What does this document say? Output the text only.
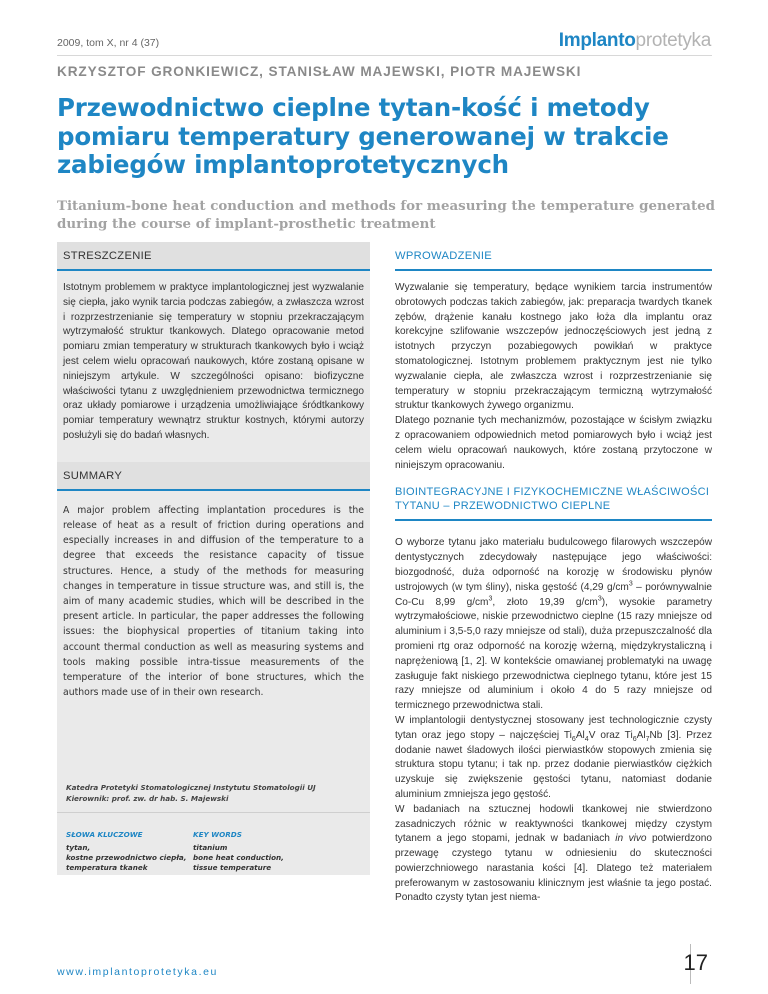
2009, tom X, nr 4 (37)	Implantoprotetyka
KRZYSZTOF GRONKIEWICZ, STANISŁAW MAJEWSKI, PIOTR MAJEWSKI
Przewodnictwo cieplne tytan-kość i metody pomiaru temperatury generowanej w trakcie zabiegów implantoprotetycznych

Titanium-bone heat conduction and methods for measuring the temperature generated during the course of implant-prosthetic treatment

STRESZCZENIE

Istotnym problemem w praktyce implantologicznej jest wyzwalanie się ciepła, jako wynik tarcia podczas zabiegów, a zwłaszcza wzrost i rozprzestrzenianie się temperatury w stopniu przekraczającym wytrzymałość struktur tkankowych. Dlatego opracowanie metod pomiaru zmian temperatury w strukturach tkankowych było i wciąż jest celem wielu opracowań naukowych, które zostaną opisane w niniejszym artykule. W szczególności opisano: biofizyczne właściwości tytanu z uwzględnieniem przewodnictwa termicznego oraz układy pomiarowe i urządzenia umożliwiające śródtkankowy pomiar temperatury wewnątrz struktur kostnych, którymi autorzy posłużyli się do badań własnych.

SUMMARY

A major problem affecting implantation procedures is the release of heat as a result of friction during operations and especially increases in and diffusion of the temperature to a degree that exceeds the resistance capacity of tissue structures. Hence, a study of the methods for measuring changes in temperature in tissue structure was, and still is, the aim of many academic studies, which will be described in the present article. In particular, the paper addresses the following issues: the biophysical properties of titanium taking into account thermal conduction as well as measuring systems and tools making possible intra-tissue measurements of the temperature of the interior of bone structures, which the authors made use of in their own research.

Katedra Protetyki Stomatologicznej Instytutu Stomatologii UJ
Kierownik: prof. zw. dr hab. S. Majewski
SŁOWA KLUCZOWE
tytan,
kostne przewodnictwo ciepła,
temperatura tkanek
KEY WORDS
titanium
bone heat conduction,
tissue temperature
WPROWADZENIE

Wyzwalanie się temperatury, będące wynikiem tarcia instrumentów obrotowych podczas takich zabiegów, jak: preparacja twardych tkanek zębów, drążenie kanału kostnego jako łoża dla implantu oraz korekcyjne szlifowanie wszczepów jednoczęściowych jest jedną z istotnych przyczyn pozabiegowych powikłań w praktyce stomatologicznej. Istotnym problemem praktycznym jest nie tylko wyzwalanie ciepła, ale zwłaszcza wzrost i rozprzestrzenianie się temperatury w stopniu przekraczającym termiczną wytrzymałość struktur tkankowych żywego organizmu.

Dlatego poznanie tych mechanizmów, pozostające w ścisłym związku z opracowaniem odpowiednich metod pomiarowych było i wciąż jest celem wielu opracowań naukowych, które zostaną przytoczone w niniejszym opracowaniu.

BIOINTEGRACYJNE I FIZYKOCHEMICZNE WŁAŚCIWOŚCI TYTANU – PRZEWODNICTWO CIEPLNE

O wyborze tytanu jako materiału budulcowego filarowych wszczepów dentystycznych zdecydowały następujące jego właściwości: biozgodność, duża odporność na korozję w środowisku płynów ustrojowych (w tym śliny), niska gęstość (4,29 $g/cm^3$ – porównywalnie Co-Cu 8,99 $g/cm^3$, złoto 19,39 $g/cm^3$), wysokie parametry wytrzymałościowe, niskie przewodnictwo cieplne (15 razy mniejsze od aluminium i 3,5-5,0 razy mniejsze od stali), duża przepuszczalność dla promieni rtg oraz odporność na korozję wżerną, międzykrystaliczną i naprężeniową [1, 2]. W kontekście omawianej problematyki na uwagę zasługuje fakt niskiego przewodnictwa cieplnego tytanu, które jest 15 razy mniejsze od aluminium i około 4 do 5 razy mniejsze od termicznego przewodnictwa stali.

W implantologii dentystycznej stosowany jest technologicznie czysty tytan oraz jego stopy – najczęściej $Ti_6Al_4V$ oraz $Ti_6Al_7Nb$ [3]. Przez dodanie nawet śladowych ilości pierwiastków stopowych zmienia się struktura stopu tytanu; i tak np. przez dodanie pierwiastków ciężkich uzyskuje się zwiększenie gęstości tytanu, natomiast dodanie aluminium zmniejsza jego gęstość.

W badaniach na sztucznej hodowli tkankowej nie stwierdzono zasadniczych różnic w reaktywności tkankowej między czystym tytanem a jego stopami, jednak w badaniach in vivo potwierdzono przewagę czystego tytanu w odniesieniu do skuteczności powierzchniowego narastania kości [4]. Dlatego też materiałem preferowanym w zastosowaniu klinicznym jest właśnie ta jego postać. Ponadto czysty tytan jest niema-

www.implantoprotetyka.eu	17
